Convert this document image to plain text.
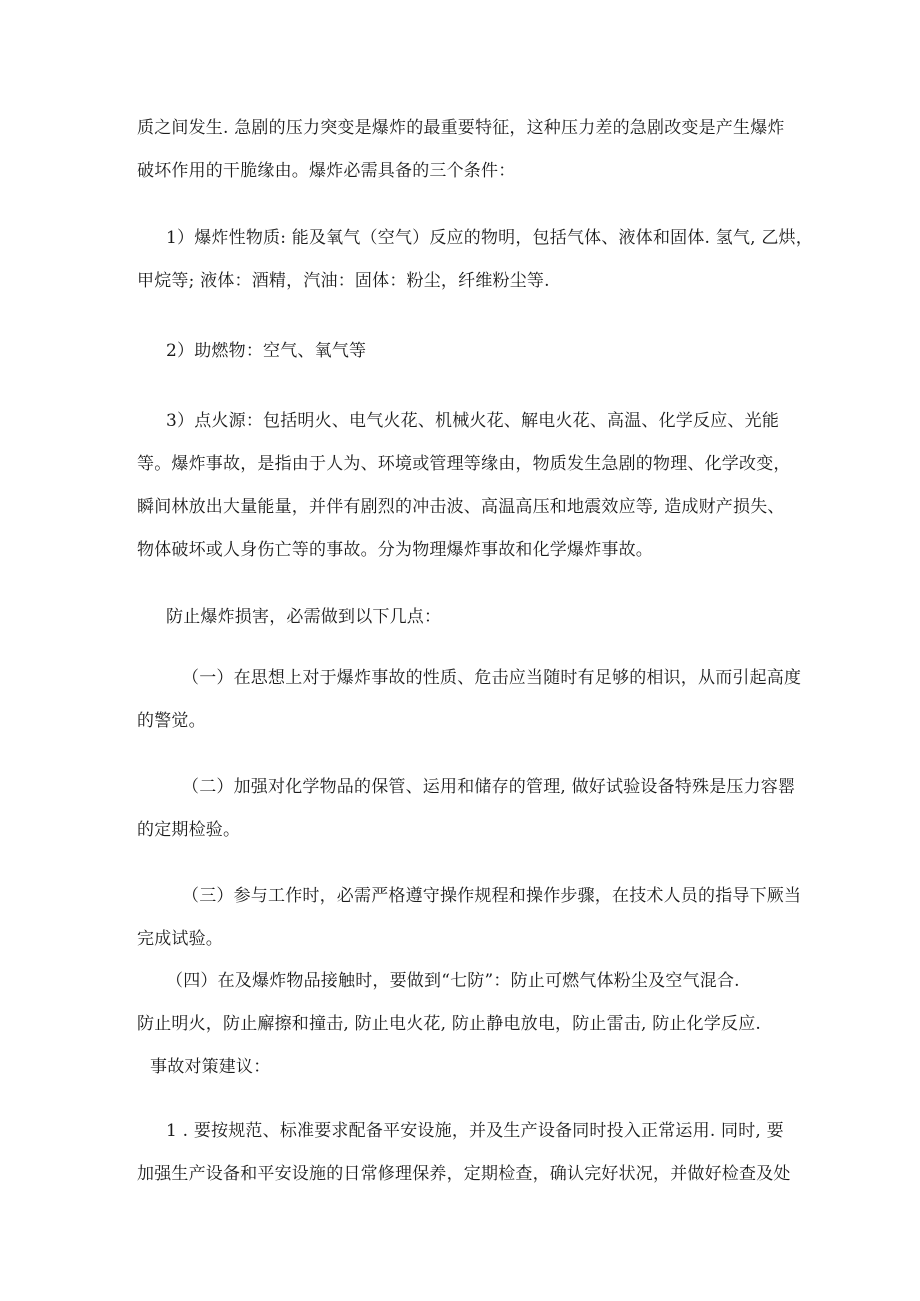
质之间发生. 急剧的压力突变是爆炸的最重要特征，这种压力差的急剧改变是产生爆炸
破坏作用的干脆缘由。爆炸必需具备的三个条件：
1）爆炸性物质: 能及氧气（空气）反应的物明，包括气体、液体和固体. 氢气, 乙烘，
甲烷等; 液体：酒精，汽油：固体：粉尘，纤维粉尘等.
2）助燃物：空气、氧气等
3）点火源：包括明火、电气火花、机械火花、解电火花、高温、化学反应、光能
等。爆炸事故，是指由于人为、环境或管理等缘由，物质发生急剧的物理、化学改变，
瞬间林放出大量能量，并伴有剧烈的冲击波、高温高压和地震效应等, 造成财产损失、
物体破坏或人身伤亡等的事故。分为物理爆炸事故和化学爆炸事故。
防止爆炸损害，必需做到以下几点：
（一）在思想上对于爆炸事故的性质、危击应当随时有足够的相识，从而引起高度
的警觉。
（二）加强对化学物品的保管、运用和储存的管理, 做好试验设备特殊是压力容罂
的定期检验。
（三）参与工作时，必需严格遵守操作规程和操作步骤，在技术人员的指导下厥当
完成试验。
（四）在及爆炸物品接触时，要做到“七防”：防止可燃气体粉尘及空气混合.
防止明火，防止廨擦和撞击, 防止电火花, 防止静电放电，防止雷击, 防止化学反应.
事故对策建议：
1 . 要按规范、标准要求配备平安设施，并及生产设备同时投入正常运用. 同时, 要
加强生产设备和平安设施的日常修理保养，定期检查，确认完好状况，并做好检查及处
